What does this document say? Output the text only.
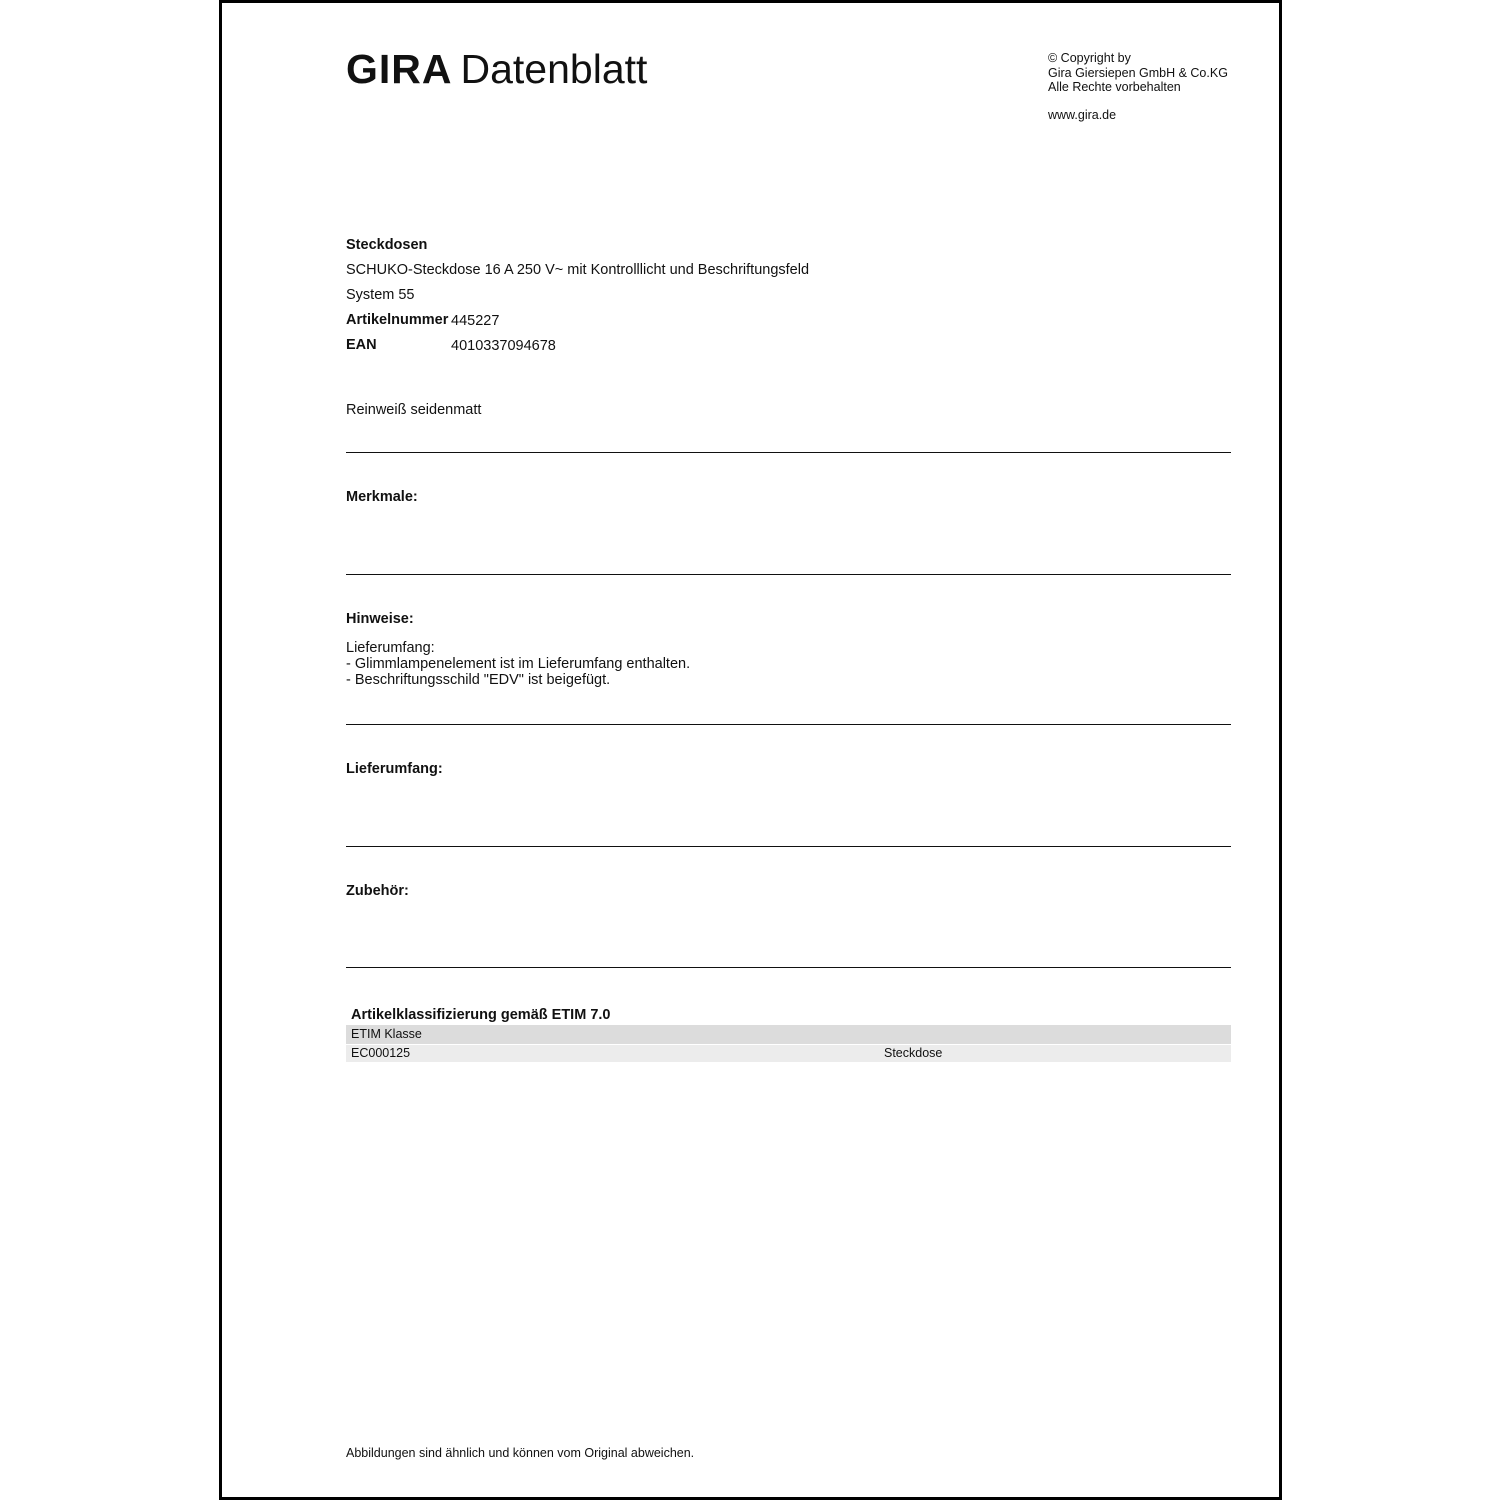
GIRA Datenblatt	© Copyright by
Gira Giersiepen GmbH & Co.KG
Alle Rechte vorbehalten
www.gira.de
Steckdosen
SCHUKO-Steckdose 16 A 250 V~ mit Kontrolllicht und Beschriftungsfeld
System 55
Artikelnummer 445227
EAN	4010337094678
Reinweiß seidenmatt
Merkmale:
Hinweise:
Lieferumfang:
- Glimmlampenelement ist im Lieferumfang enthalten.
- Beschriftungsschild "EDV" ist beigefügt.
Lieferumfang:
Zubehör:
Artikelklassifizierung gemäß ETIM 7.0
ETIM Klasse
EC000125	Steckdose
Abbildungen sind ähnlich und können vom Original abweichen.
